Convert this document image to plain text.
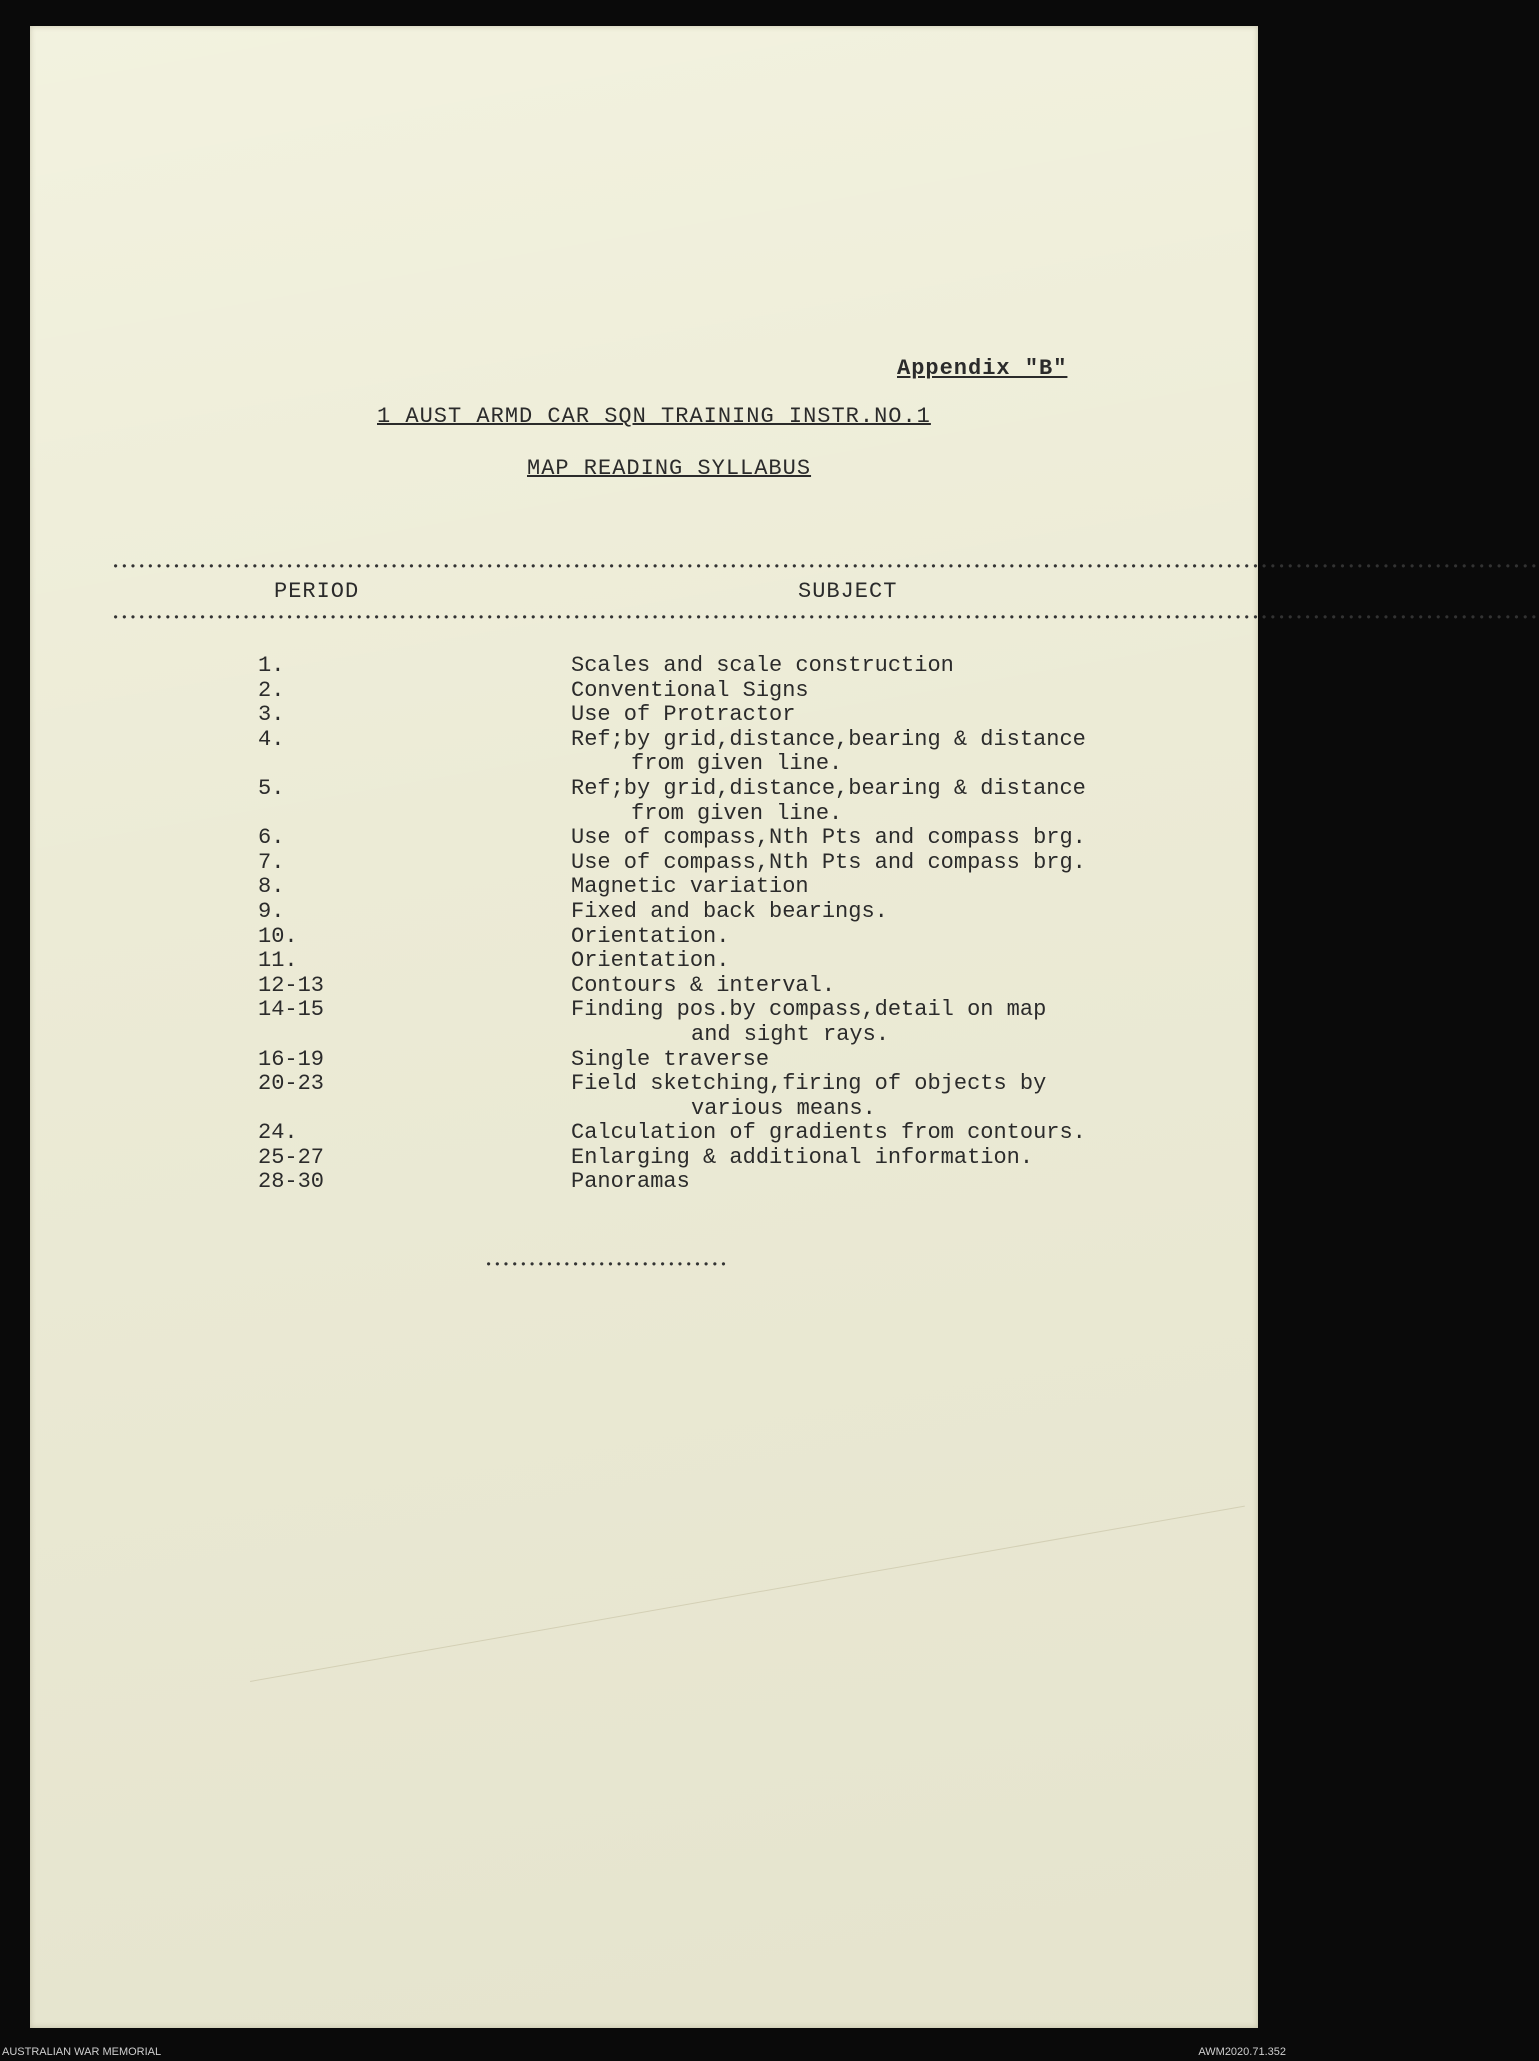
Appendix "B"
1 AUST ARMD CAR SQN TRAINING INSTR.NO.1
MAP READING SYLLABUS
••••••••••••••••••••••••••••••••••••••••••••••••••••••••••••••••••••••••••••••••••••••••••••••••••••••••••••••••••••••••••••••••••••••••••••••••••••••••••••••••••••
PERIOD	SUBJECT
••••••••••••••••••••••••••••••••••••••••••••••••••••••••••••••••••••••••••••••••••••••••••••••••••••••••••••••••••••••••••••••••••••••••••••••••••••••••••••••••••••
1.	Scales and scale construction
2.	Conventional Signs
3.	Use of Protractor
4.	Ref;by grid,distance,bearing & distance
from given line.
5.	Ref;by grid,distance,bearing & distance
from given line.
6.	Use of compass,Nth Pts and compass brg.
7.	Use of compass,Nth Pts and compass brg.
8.	Magnetic variation
9.	Fixed and back bearings.
10.	Orientation.
11.	Orientation.
12-13	Contours & interval.
14-15	Finding pos.by compass,detail on map
and sight rays.
16-19	Single traverse
20-23	Field sketching,firing of objects by
various means.
24.	Calculation of gradients from contours.
25-27	Enlarging & additional information.
28-30	Panoramas
••••••••••••••••••••••••••••
AUSTRALIAN WAR MEMORIAL	AWM2020.71.352
